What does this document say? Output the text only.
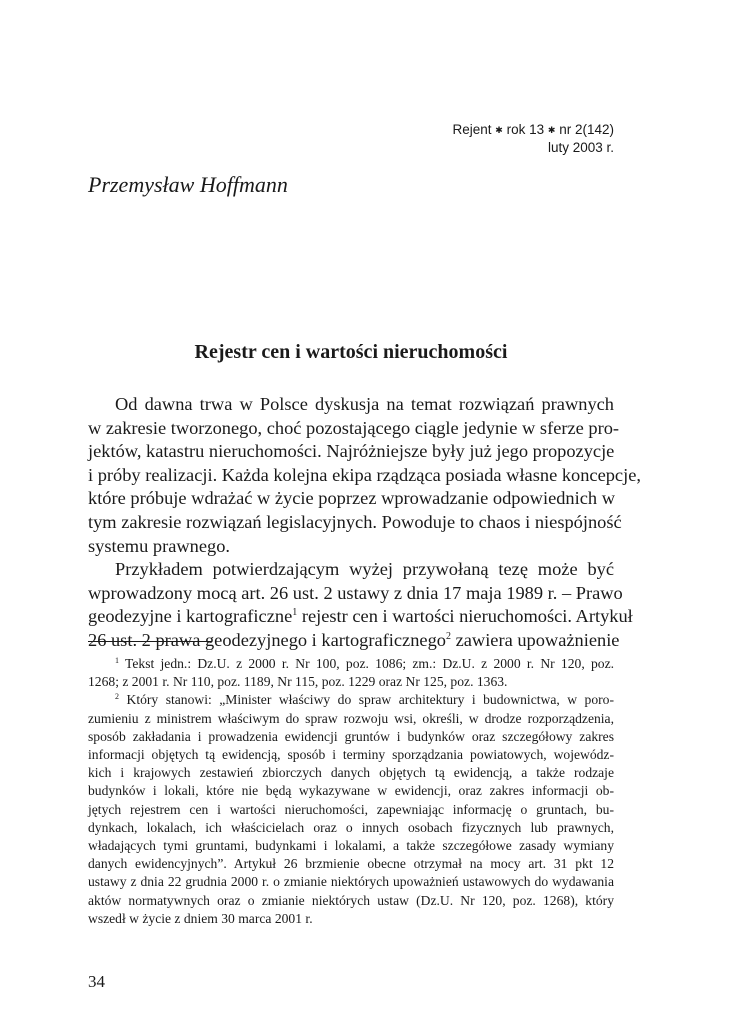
Rejent ✱ rok 13 ✱ nr 2(142)
luty 2003 r.
Przemysław Hoffmann
Rejestr cen i wartości nieruchomości
Od dawna trwa w Polsce dyskusja na temat rozwiązań prawnych
w zakresie tworzonego, choć pozostającego ciągle jedynie w sferze pro-
jektów, katastru nieruchomości. Najróżniejsze były już jego propozycje
i próby realizacji. Każda kolejna ekipa rządząca posiada własne koncepcje,
które próbuje wdrażać w życie poprzez wprowadzanie odpowiednich w
tym zakresie rozwiązań legislacyjnych. Powoduje to chaos i niespójność
systemu prawnego.
Przykładem potwierdzającym wyżej przywołaną tezę może być
wprowadzony mocą art. 26 ust. 2 ustawy z dnia 17 maja 1989 r. – Prawo
geodezyjne i kartograficzne$^1$ rejestr cen i wartości nieruchomości. Artykuł
26 ust. 2 prawa geodezyjnego i kartograficznego$^2$ zawiera upoważnienie
$^1$ Tekst jedn.: Dz.U. z 2000 r. Nr 100, poz. 1086; zm.: Dz.U. z 2000 r. Nr 120, poz.
1268; z 2001 r. Nr 110, poz. 1189, Nr 115, poz. 1229 oraz Nr 125, poz. 1363.
$^2$ Który stanowi: „Minister właściwy do spraw architektury i budownictwa, w poro-
zumieniu z ministrem właściwym do spraw rozwoju wsi, określi, w drodze rozporządzenia,
sposób zakładania i prowadzenia ewidencji gruntów i budynków oraz szczegółowy zakres
informacji objętych tą ewidencją, sposób i terminy sporządzania powiatowych, wojewódz-
kich i krajowych zestawień zbiorczych danych objętych tą ewidencją, a także rodzaje
budynków i lokali, które nie będą wykazywane w ewidencji, oraz zakres informacji ob-
jętych rejestrem cen i wartości nieruchomości, zapewniając informację o gruntach, bu-
dynkach, lokalach, ich właścicielach oraz o innych osobach fizycznych lub prawnych,
władających tymi gruntami, budynkami i lokalami, a także szczegółowe zasady wymiany
danych ewidencyjnych”. Artykuł 26 brzmienie obecne otrzymał na mocy art. 31 pkt 12
ustawy z dnia 22 grudnia 2000 r. o zmianie niektórych upoważnień ustawowych do wydawania
aktów normatywnych oraz o zmianie niektórych ustaw (Dz.U. Nr 120, poz. 1268), który
wszedł w życie z dniem 30 marca 2001 r.
34
